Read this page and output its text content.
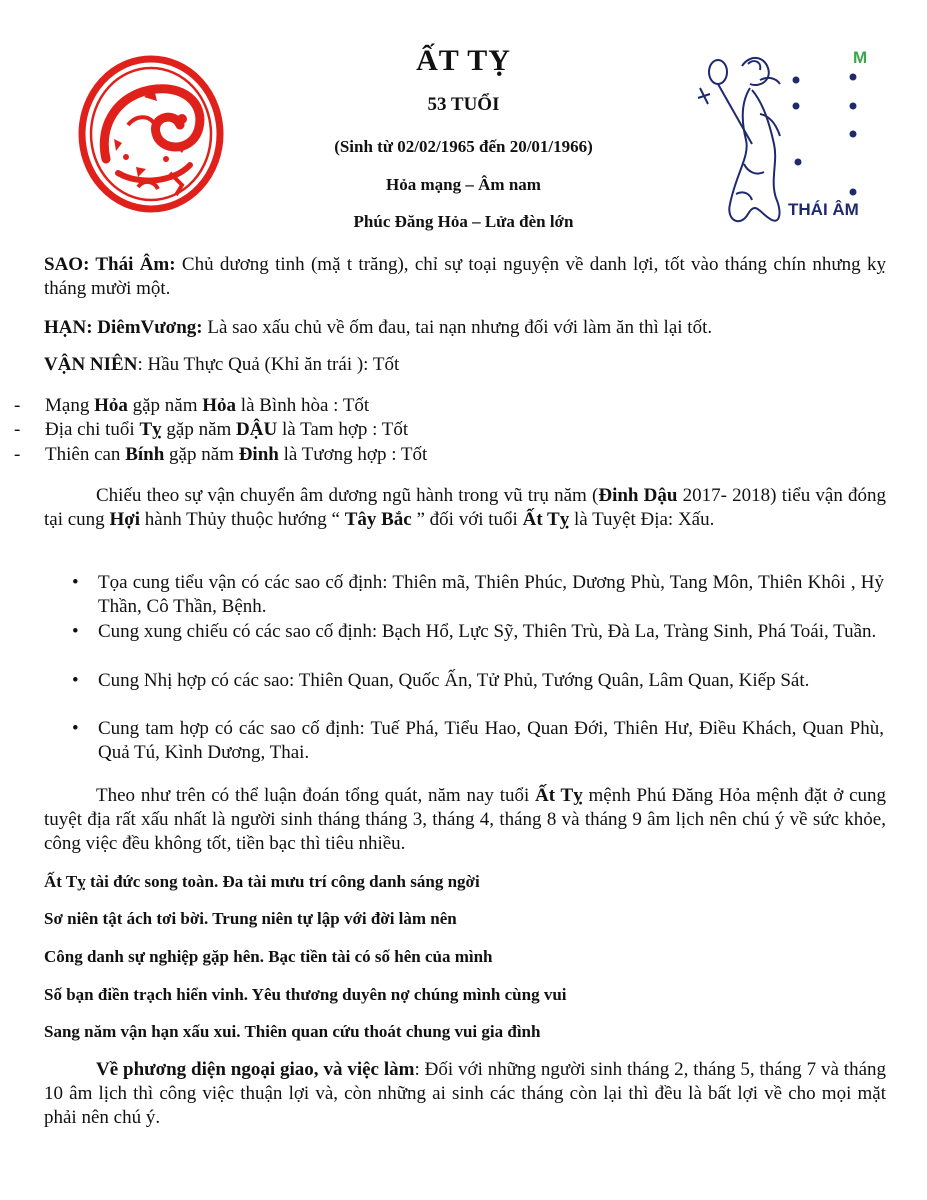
ẤT TỴ
53 TUỔI
(Sinh từ 02/02/1965 đến 20/01/1966)
Hỏa mạng – Âm nam
Phúc Đăng Hỏa – Lửa đèn lớn
THÁI ÂM
M
SAO: Thái Âm: Chủ dương tinh (mặ t trăng), chỉ sự toại nguyện về danh lợi, tốt vào tháng chín nhưng kỵ tháng mười một.
HẠN: DiêmVương: Là sao xấu chủ về ốm đau, tai nạn nhưng đối với làm ăn thì lại tốt.
VẬN NIÊN: Hầu Thực Quả (Khỉ ăn trái ): Tốt
- Mạng Hỏa gặp năm Hỏa là Bình hòa : Tốt
- Địa chi tuổi Tỵ gặp năm DẬU là Tam hợp : Tốt
- Thiên can Bính gặp năm Đinh là Tương hợp : Tốt
Chiếu theo sự vận chuyển âm dương ngũ hành trong vũ trụ năm (Đinh Dậu 2017- 2018) tiểu vận đóng tại cung Hợi hành Thủy thuộc hướng “ Tây Bắc ” đối với tuổi Ất Tỵ là Tuyệt Địa: Xấu.
• Tọa cung tiểu vận có các sao cố định: Thiên mã, Thiên Phúc, Dương Phù, Tang Môn, Thiên Khôi , Hỷ Thần, Cô Thần, Bệnh.
• Cung xung chiếu có các sao cố định: Bạch Hổ, Lực Sỹ, Thiên Trù, Đà La, Tràng Sinh, Phá Toái, Tuần.
• Cung Nhị hợp có các sao: Thiên Quan, Quốc Ấn, Tử Phủ, Tướng Quân, Lâm Quan, Kiếp Sát.
• Cung tam hợp có các sao cố định: Tuế Phá, Tiểu Hao, Quan Đới, Thiên Hư, Điều Khách, Quan Phù, Quả Tú, Kình Dương, Thai.
Theo như trên có thể luận đoán tổng quát, năm nay tuổi Ất Tỵ mệnh Phú Đăng Hỏa mệnh đặt ở cung tuyệt địa rất xấu nhất là người sinh tháng tháng 3, tháng 4, tháng 8 và tháng 9 âm lịch nên chú ý về sức khỏe, công việc đều không tốt, tiền bạc thì tiêu nhiều.
Ất Tỵ tài đức song toàn. Đa tài mưu trí công danh sáng ngời
Sơ niên tật ách tơi bời. Trung niên tự lập với đời làm nên
Công danh sự nghiệp gặp hên. Bạc tiền tài có số hên của mình
Số bạn điền trạch hiển vinh. Yêu thương duyên nợ chúng mình cùng vui
Sang năm vận hạn xấu xui. Thiên quan cứu thoát chung vui gia đình
Về phương diện ngoại giao, và việc làm: Đối với những người sinh tháng 2, tháng 5, tháng 7 và tháng 10 âm lịch thì công việc thuận lợi và, còn những ai sinh các tháng còn lại thì đều là bất lợi về cho mọi mặt phải nên chú ý.
